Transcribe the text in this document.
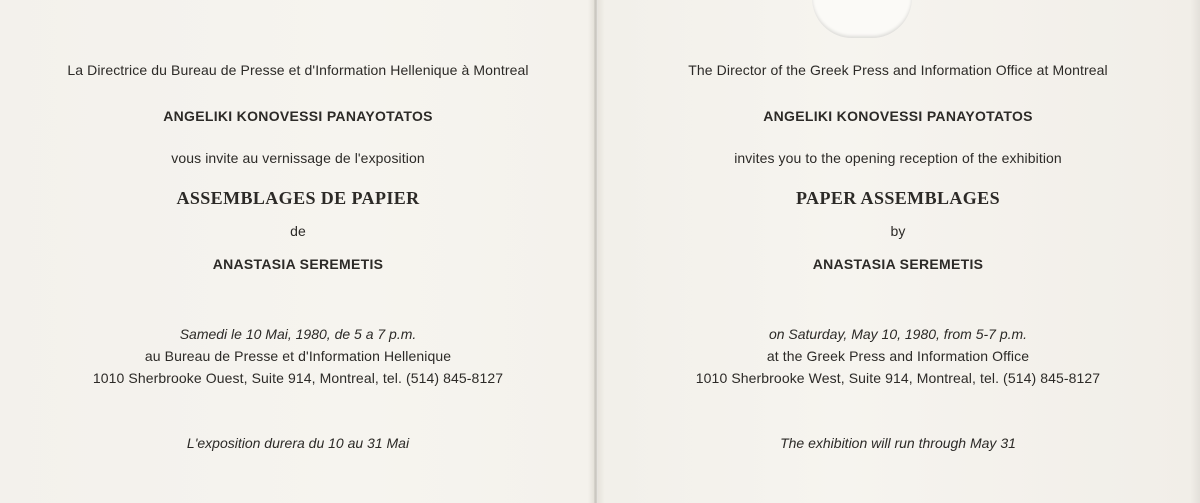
La Directrice du Bureau de Presse et d'Information Hellenique à Montreal
ANGELIKI KONOVESSI PANAYOTATOS
vous invite au vernissage de l'exposition
ASSEMBLAGES DE PAPIER
de
ANASTASIA SEREMETIS
Samedi le 10 Mai, 1980, de 5 a 7 p.m.
au Bureau de Presse et d'Information Hellenique
1010 Sherbrooke Ouest, Suite 914, Montreal, tel. (514) 845-8127
L'exposition durera du 10 au 31 Mai
The Director of the Greek Press and Information Office at Montreal
ANGELIKI KONOVESSI PANAYOTATOS
invites you to the opening reception of the exhibition
PAPER ASSEMBLAGES
by
ANASTASIA SEREMETIS
on Saturday, May 10, 1980, from 5-7 p.m.
at the Greek Press and Information Office
1010 Sherbrooke West, Suite 914, Montreal, tel. (514) 845-8127
The exhibition will run through May 31
